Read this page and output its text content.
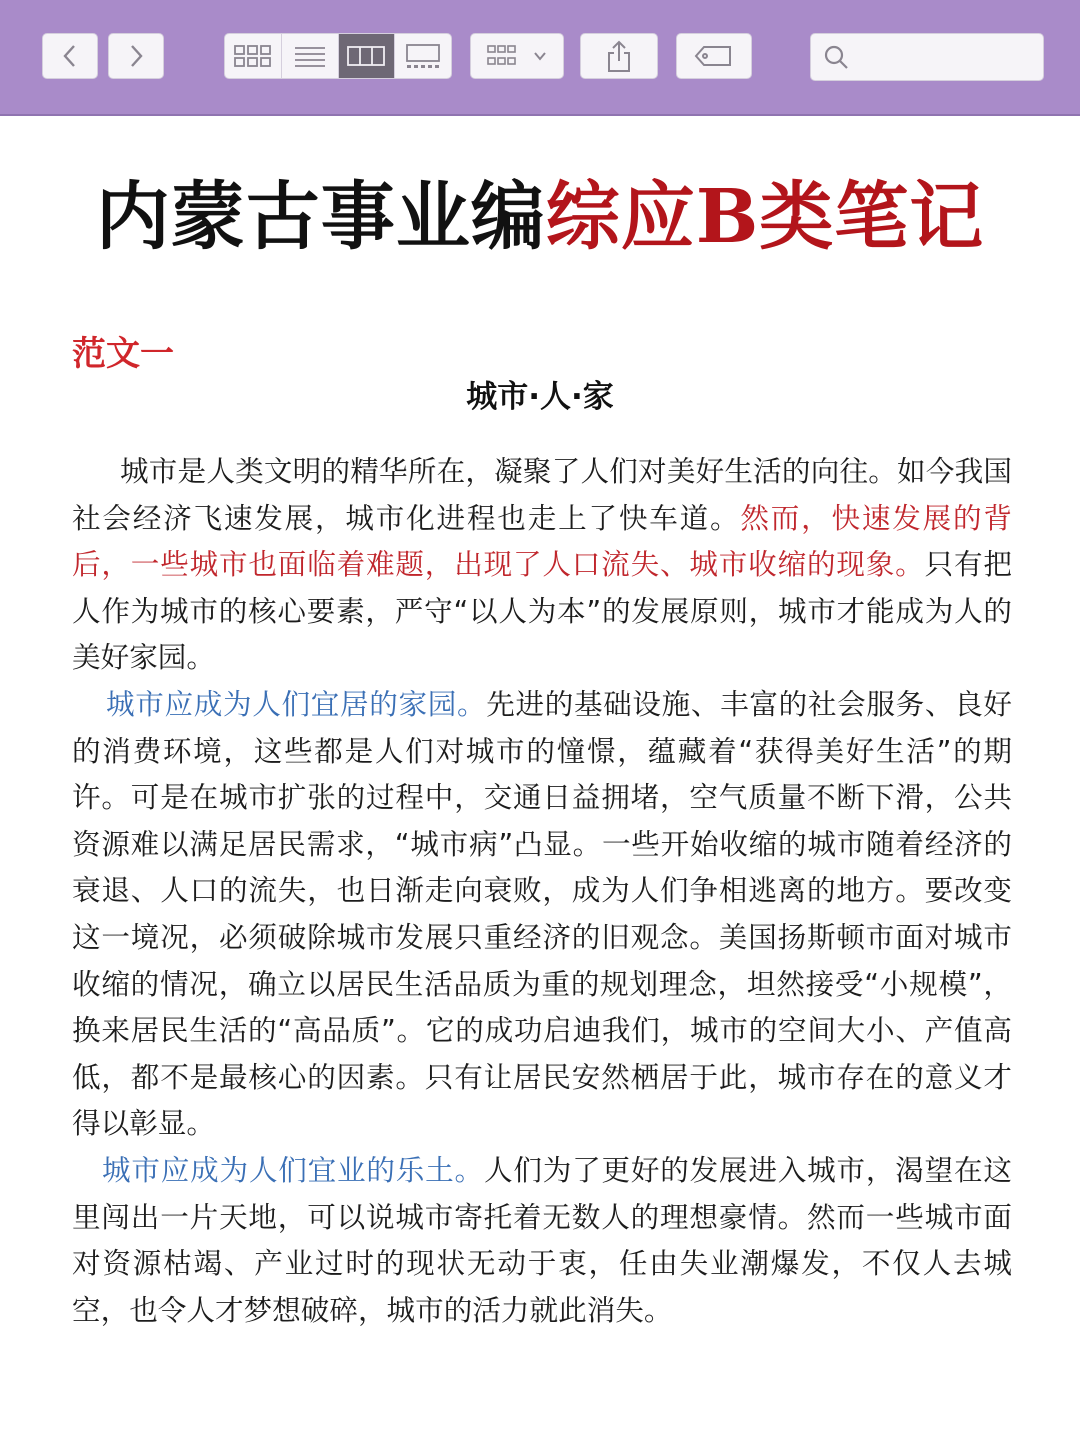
内蒙古事业编综应B类笔记
范文一
城市·人·家

城市是人类文明的精华所在，凝聚了人们对美好生活的向往。如今我国社会经济飞速发展，城市化进程也走上了快车道。然而，快速发展的背后，一些城市也面临着难题，出现了人口流失、城市收缩的现象。只有把人作为城市的核心要素，严守“以人为本”的发展原则，城市才能成为人的美好家园。

城市应成为人们宜居的家园。先进的基础设施、丰富的社会服务、良好的消费环境，这些都是人们对城市的憧憬，蕴藏着“获得美好生活”的期许。可是在城市扩张的过程中，交通日益拥堵，空气质量不断下滑，公共资源难以满足居民需求，“城市病”凸显。一些开始收缩的城市随着经济的衰退、人口的流失，也日渐走向衰败，成为人们争相逃离的地方。要改变这一境况，必须破除城市发展只重经济的旧观念。美国扬斯顿市面对城市收缩的情况，确立以居民生活品质为重的规划理念，坦然接受“小规模”，换来居民生活的“高品质”。它的成功启迪我们，城市的空间大小、产值高低，都不是最核心的因素。只有让居民安然栖居于此，城市存在的意义才得以彰显。

城市应成为人们宜业的乐土。人们为了更好的发展进入城市，渴望在这里闯出一片天地，可以说城市寄托着无数人的理想豪情。然而一些城市面对资源枯竭、产业过时的现状无动于衷，任由失业潮爆发，不仅人去城空，也令人才梦想破碎，城市的活力就此消失。
